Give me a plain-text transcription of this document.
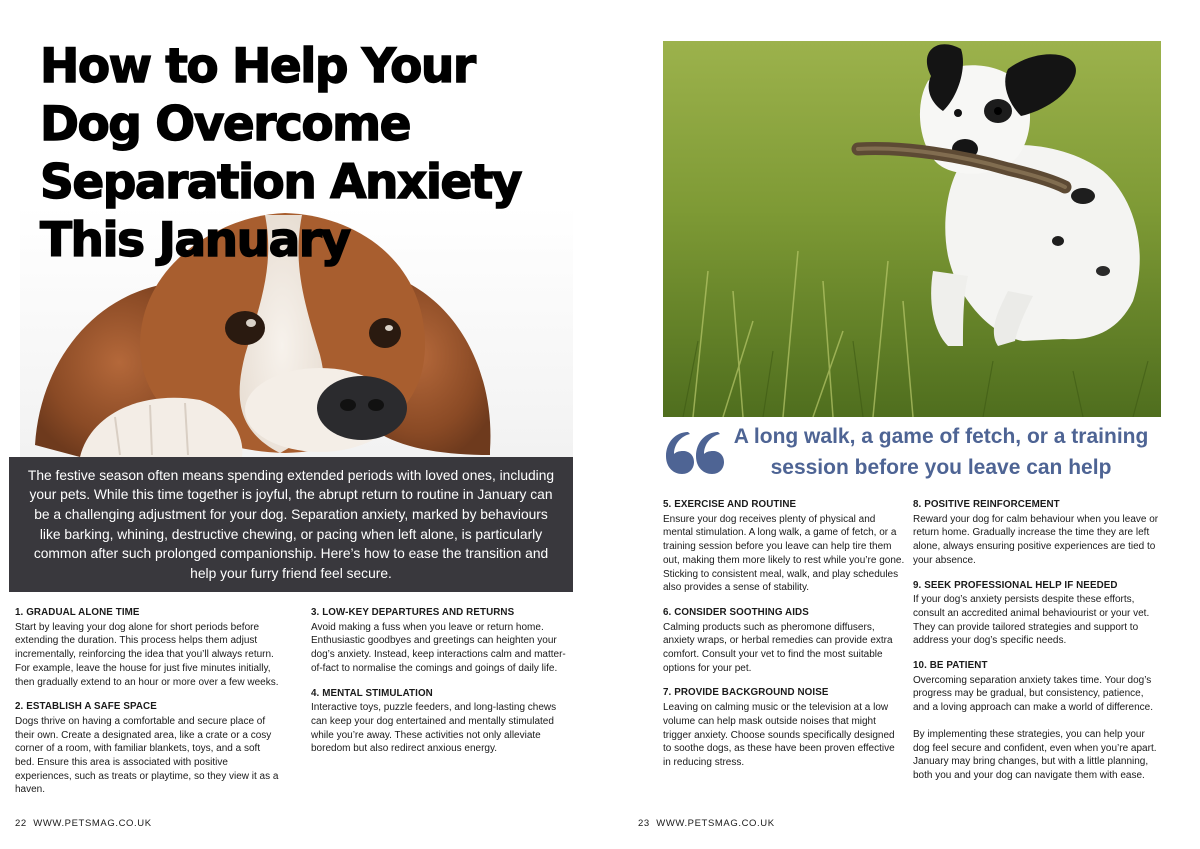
How to Help Your
Dog Overcome
Separation Anxiety
This January

The festive season often means spending extended periods with loved ones, including your pets. While this time together is joyful, the abrupt return to routine in January can be a challenging adjustment for your dog. Separation anxiety, marked by behaviours like barking, whining, destructive chewing, or pacing when left alone, is particularly common after such prolonged companionship. Here’s how to ease the transition and help your furry friend feel secure.

1. GRADUAL ALONE TIME

Start by leaving your dog alone for short periods before extending the duration. This process helps them adjust incrementally, reinforcing the idea that you’ll always return. For example, leave the house for just five minutes initially, then gradually extend to an hour or more over a few weeks.

2. ESTABLISH A SAFE SPACE

Dogs thrive on having a comfortable and secure place of their own. Create a designated area, like a crate or a cosy corner of a room, with familiar blankets, toys, and a soft bed. Ensure this area is associated with positive experiences, such as treats or playtime, so they view it as a haven.

3. LOW-KEY DEPARTURES AND RETURNS

Avoid making a fuss when you leave or return home. Enthusiastic goodbyes and greetings can heighten your dog’s anxiety. Instead, keep interactions calm and matter-of-fact to normalise the comings and goings of daily life.

4. MENTAL STIMULATION

Interactive toys, puzzle feeders, and long-lasting chews can keep your dog entertained and mentally stimulated while you’re away. These activities not only alleviate boredom but also redirect anxious energy.

22 WWW.PETSMAG.CO.UK

A long walk, a game of fetch, or a training session before you leave can help

5. EXERCISE AND ROUTINE

Ensure your dog receives plenty of physical and mental stimulation. A long walk, a game of fetch, or a training session before you leave can help tire them out, making them more likely to rest while you’re gone. Sticking to consistent meal, walk, and play schedules also provides a sense of stability.

6. CONSIDER SOOTHING AIDS

Calming products such as pheromone diffusers, anxiety wraps, or herbal remedies can provide extra comfort. Consult your vet to find the most suitable options for your pet.

7. PROVIDE BACKGROUND NOISE

Leaving on calming music or the television at a low volume can help mask outside noises that might trigger anxiety. Choose sounds specifically designed to soothe dogs, as these have been proven effective in reducing stress.

8. POSITIVE REINFORCEMENT

Reward your dog for calm behaviour when you leave or return home. Gradually increase the time they are left alone, always ensuring positive experiences are tied to your absence.

9. SEEK PROFESSIONAL HELP IF NEEDED

If your dog’s anxiety persists despite these efforts, consult an accredited animal behaviourist or your vet. They can provide tailored strategies and support to address your dog’s specific needs.

10. BE PATIENT

Overcoming separation anxiety takes time. Your dog’s progress may be gradual, but consistency, patience, and a loving approach can make a world of difference.

By implementing these strategies, you can help your dog feel secure and confident, even when you’re apart. January may bring changes, but with a little planning, both you and your dog can navigate them with ease.

23 WWW.PETSMAG.CO.UK
